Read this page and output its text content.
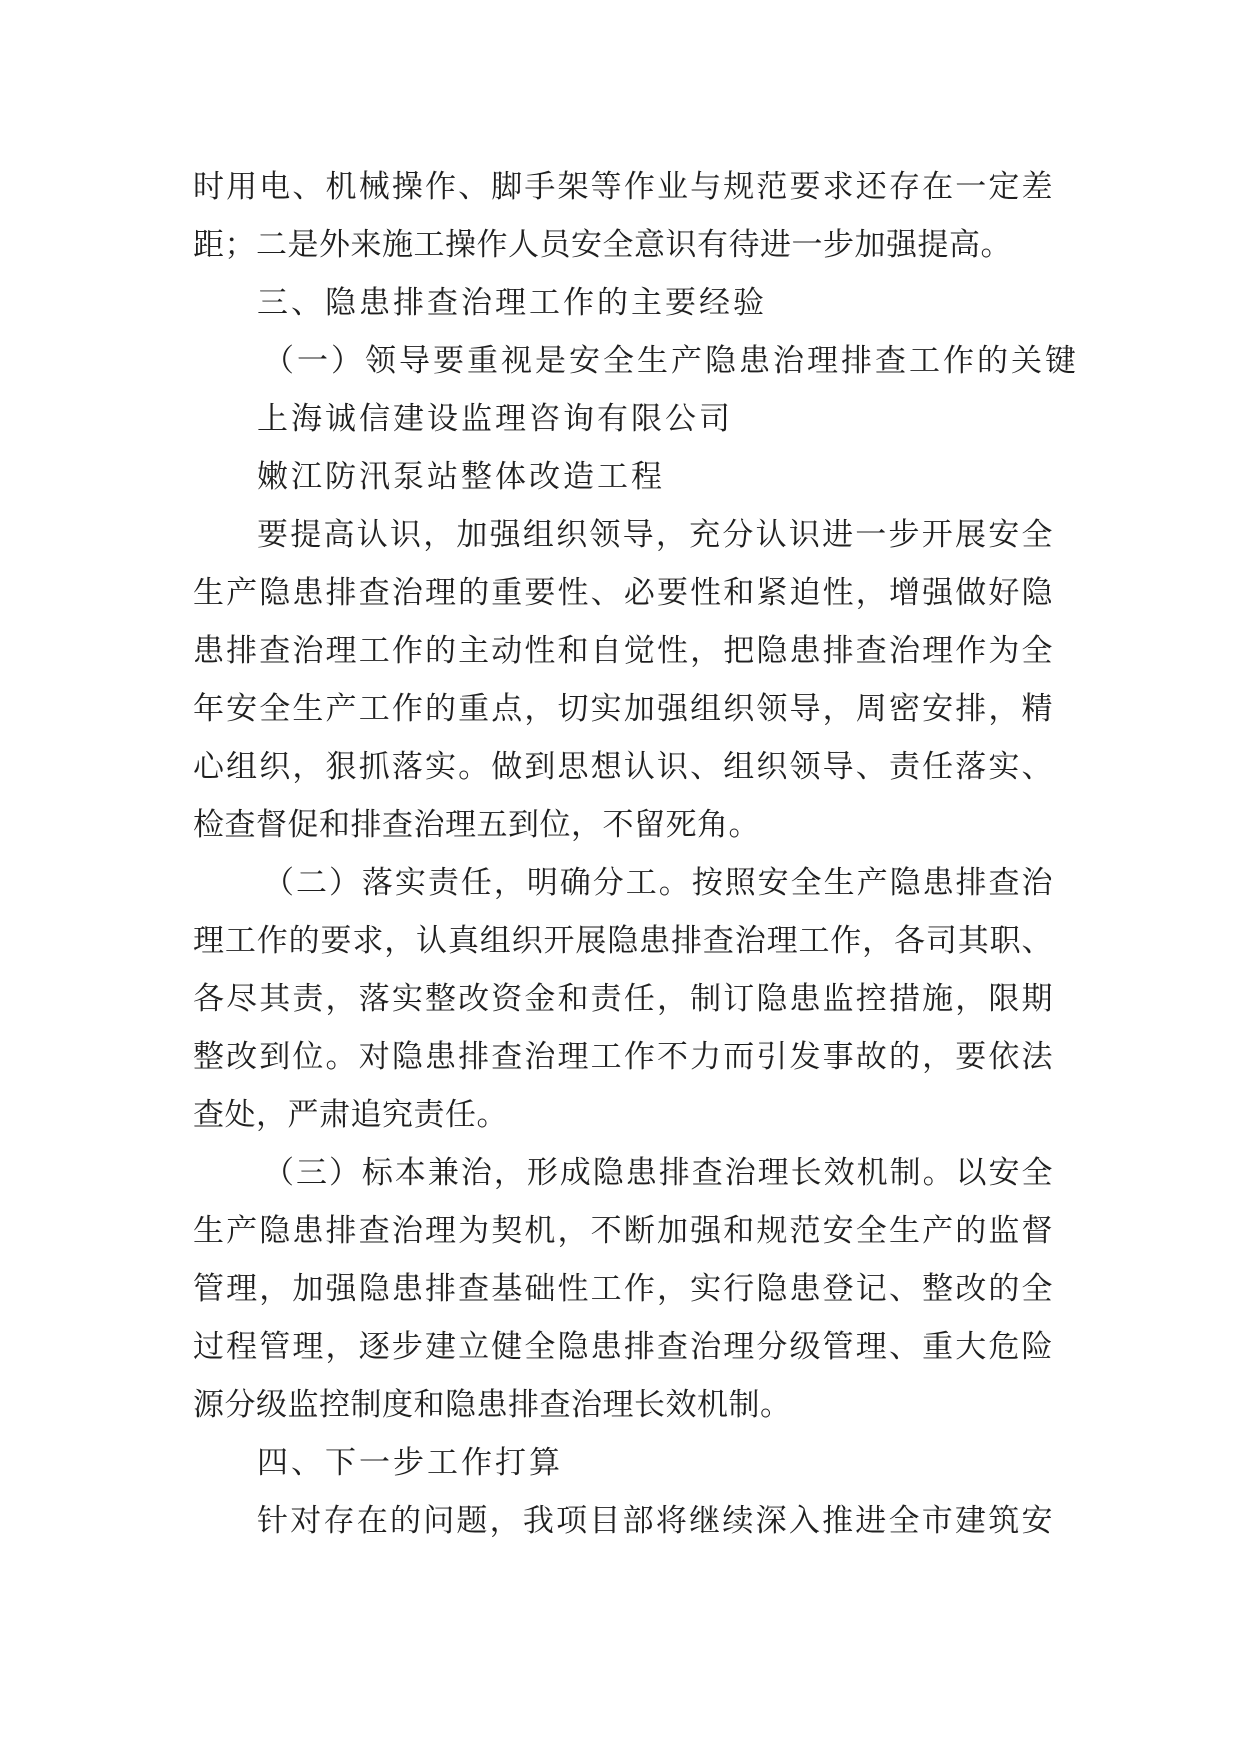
时用电、机械操作、脚手架等作业与规范要求还存在一定差
距；二是外来施工操作人员安全意识有待进一步加强提高。
三、隐患排查治理工作的主要经验
（一）领导要重视是安全生产隐患治理排查工作的关键
上海诚信建设监理咨询有限公司
嫩江防汛泵站整体改造工程
要提高认识，加强组织领导，充分认识进一步开展安全
生产隐患排查治理的重要性、必要性和紧迫性，增强做好隐
患排查治理工作的主动性和自觉性，把隐患排查治理作为全
年安全生产工作的重点，切实加强组织领导，周密安排，精
心组织，狠抓落实。做到思想认识、组织领导、责任落实、
检查督促和排查治理五到位，不留死角。
（二）落实责任，明确分工。按照安全生产隐患排查治
理工作的要求，认真组织开展隐患排查治理工作，各司其职、
各尽其责，落实整改资金和责任，制订隐患监控措施，限期
整改到位。对隐患排查治理工作不力而引发事故的，要依法
查处，严肃追究责任。
（三）标本兼治，形成隐患排查治理长效机制。以安全
生产隐患排查治理为契机，不断加强和规范安全生产的监督
管理，加强隐患排查基础性工作，实行隐患登记、整改的全
过程管理，逐步建立健全隐患排查治理分级管理、重大危险
源分级监控制度和隐患排查治理长效机制。
四、下一步工作打算
针对存在的问题，我项目部将继续深入推进全市建筑安
